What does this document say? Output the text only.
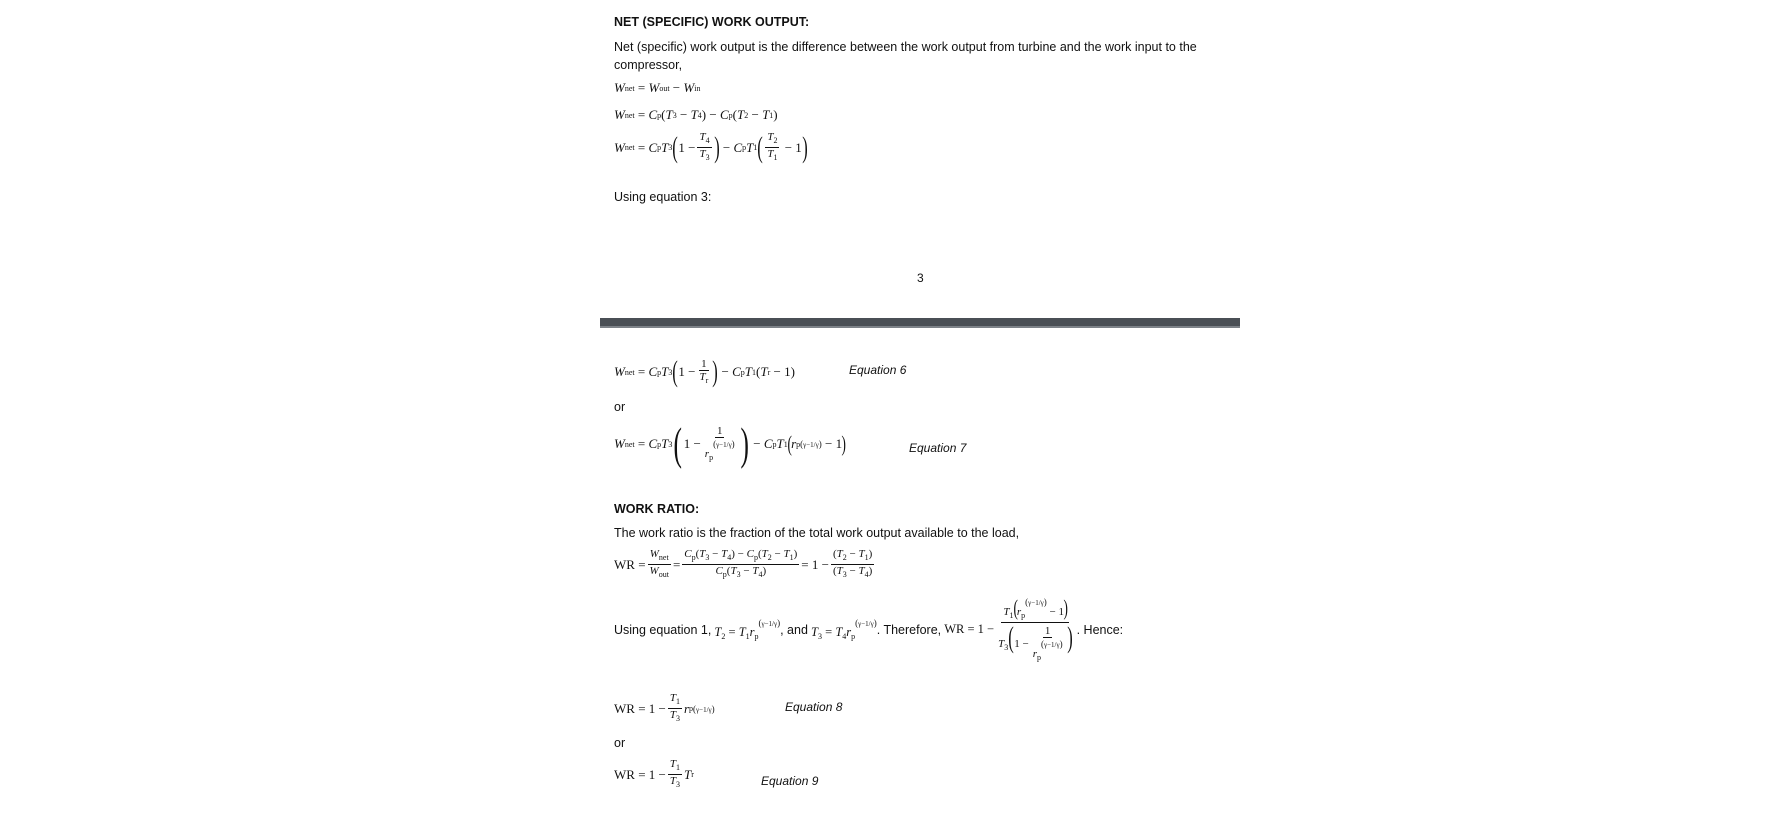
NET (SPECIFIC) WORK OUTPUT:
Net (specific) work output is the difference between the work output from turbine and the work input to the compressor,
W net = W out − W in
W net = C p ( T 3 − T 4 ) − C p ( T 2 − T 1 )
W net = C p T 3 ( $1 - \frac{T_4}{T_3}$ ) − C p T 1 ( $\frac{T_2}{T_1} - 1$ )
Using equation 3:
3
W net = C p T 3 ( $1 - \frac{1}{T_r}$ ) − C p T 1 ( T r − 1)	Equation 6
or
W net = C p T 3 ( $1 - \frac{1}{r_p^{(\gamma-1/\gamma)}}$ ) − C p T 1 ( r p (γ−1/γ) − 1 )	Equation 7
WORK RATIO:
The work ratio is the fraction of the total work output available to the load,
WR = $\frac{W_{net}}{W_{out}} = \frac{C_p(T_3 - T_4) - C_p(T_2 - T_1)}{C_p(T_3 - T_4)} = 1 - \frac{(T_2 - T_1)}{(T_3 - T_4)}$
Using equation 1, $T_2 = T_1r_p^{(\gamma-1/\gamma)}$ , and $T_3 = T_4r_p^{(\gamma-1/\gamma)}$ . Therefore, WR = $1 - \frac{T_1(r_p^{(\gamma-1/\gamma)} - 1)}{T_3(1 - \frac{1}{r_p^{(\gamma-1/\gamma)}} )}$ . Hence:
WR = $1 - \frac{T_1}{T_3}$ r p (γ−1/γ)	Equation 8
or
WR = $1 - \frac{T_1}{T_3}$ T r	Equation 9
